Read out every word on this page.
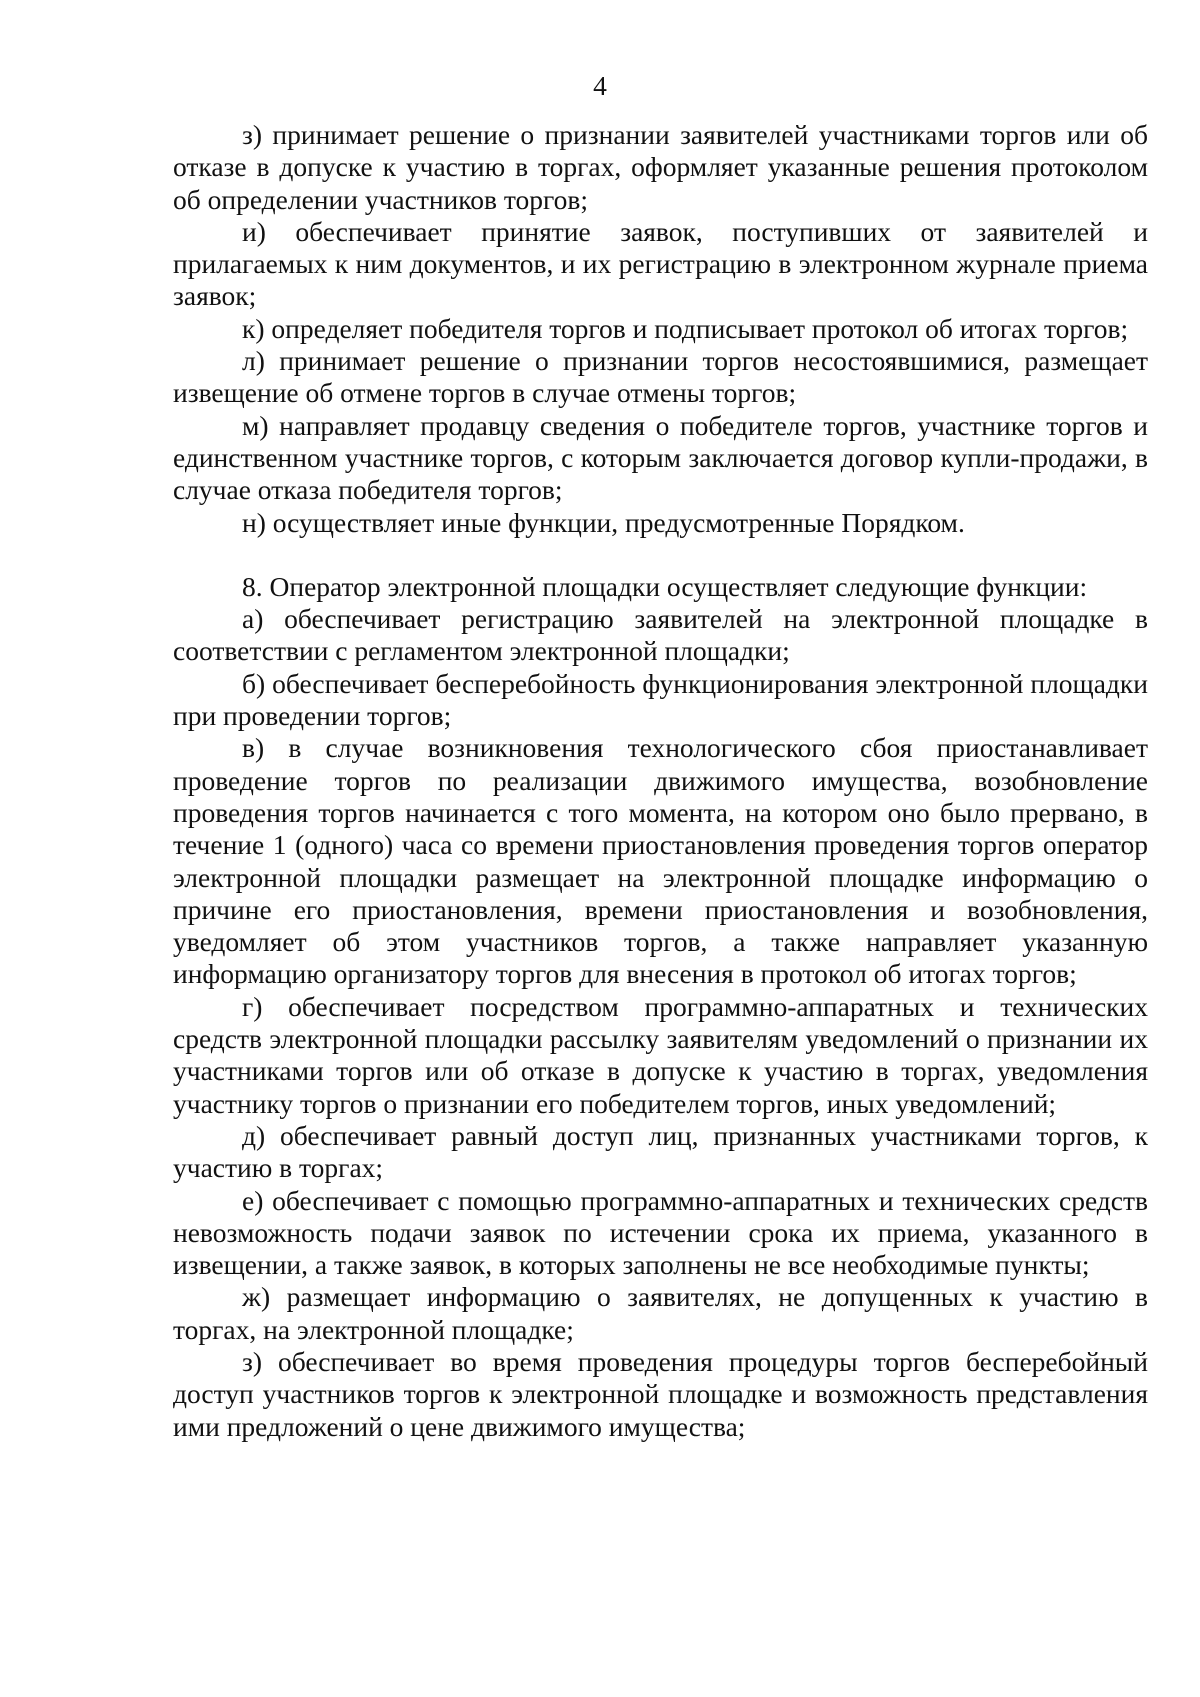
4

з) принимает решение о признании заявителей участниками торгов или об отказе в допуске к участию в торгах, оформляет указанные решения протоколом об определении участников торгов;

и) обеспечивает принятие заявок, поступивших от заявителей и прилагаемых к ним документов, и их регистрацию в электронном журнале приема заявок;

к) определяет победителя торгов и подписывает протокол об итогах торгов;

л) принимает решение о признании торгов несостоявшимися, размещает извещение об отмене торгов в случае отмены торгов;

м) направляет продавцу сведения о победителе торгов, участнике торгов и единственном участнике торгов, с которым заключается договор купли-продажи, в случае отказа победителя торгов;

н) осуществляет иные функции, предусмотренные Порядком.

8. Оператор электронной площадки осуществляет следующие функции:

а) обеспечивает регистрацию заявителей на электронной площадке в соответствии с регламентом электронной площадки;

б) обеспечивает бесперебойность функционирования электронной площадки при проведении торгов;

в) в случае возникновения технологического сбоя приостанавливает проведение торгов по реализации движимого имущества, возобновление проведения торгов начинается с того момента, на котором оно было прервано, в течение 1 (одного) часа со времени приостановления проведения торгов оператор электронной площадки размещает на электронной площадке информацию о причине его приостановления, времени приостановления и возобновления, уведомляет об этом участников торгов, а также направляет указанную информацию организатору торгов для внесения в протокол об итогах торгов;

г) обеспечивает посредством программно-аппаратных и технических средств электронной площадки рассылку заявителям уведомлений о признании их участниками торгов или об отказе в допуске к участию в торгах, уведомления участнику торгов о признании его победителем торгов, иных уведомлений;

д) обеспечивает равный доступ лиц, признанных участниками торгов, к участию в торгах;

е) обеспечивает с помощью программно-аппаратных и технических средств невозможность подачи заявок по истечении срока их приема, указанного в извещении, а также заявок, в которых заполнены не все необходимые пункты;

ж) размещает информацию о заявителях, не допущенных к участию в торгах, на электронной площадке;

з) обеспечивает во время проведения процедуры торгов бесперебойный доступ участников торгов к электронной площадке и возможность представления ими предложений о цене движимого имущества;
